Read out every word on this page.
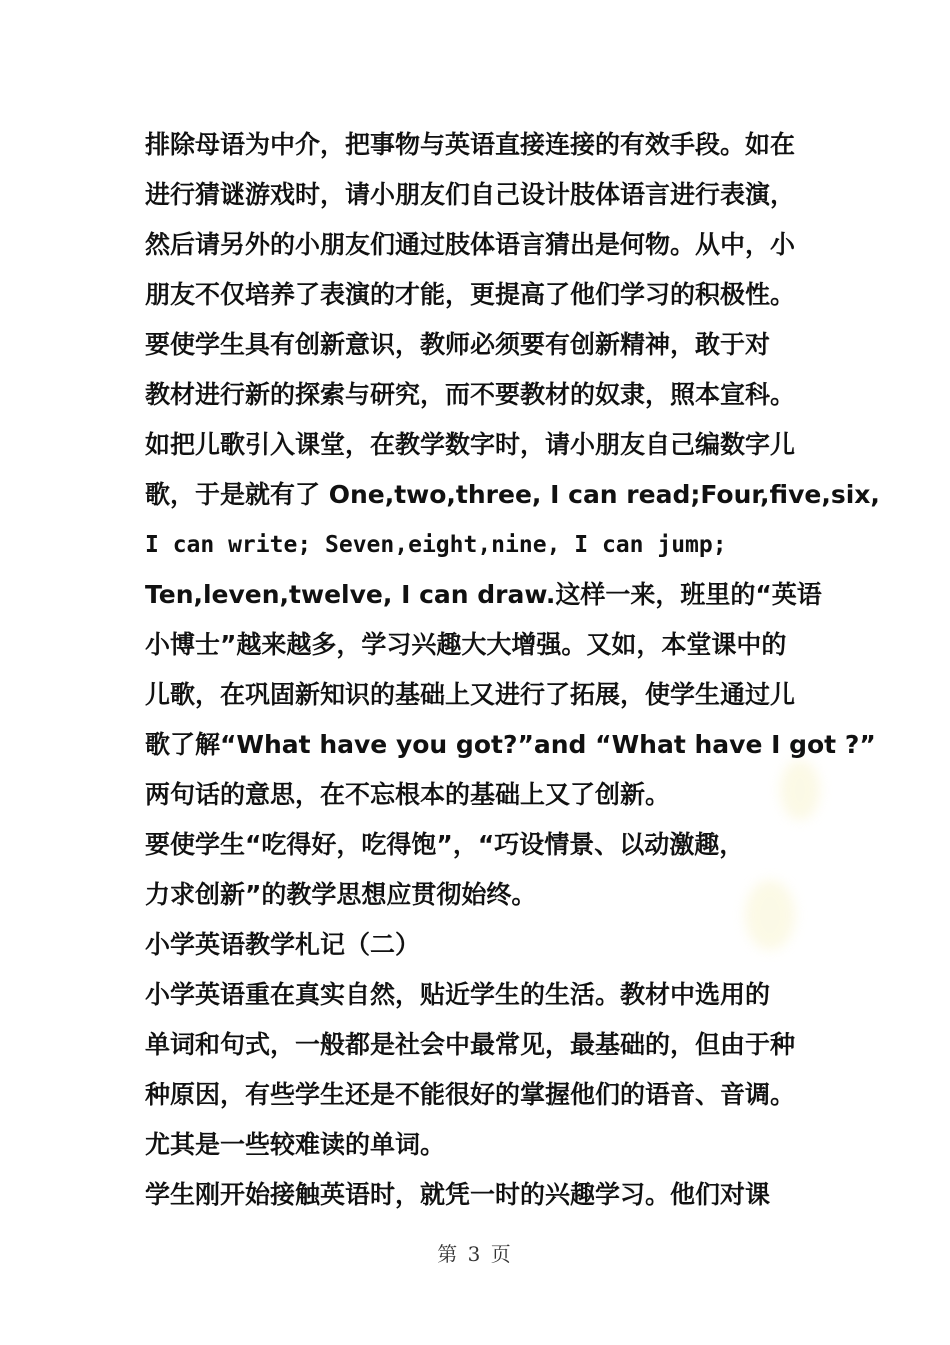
排除母语为中介，把事物与英语直接连接的有效手段。如在
进行猜谜游戏时，请小朋友们自己设计肢体语言进行表演，
然后请另外的小朋友们通过肢体语言猜出是何物。从中，小
朋友不仅培养了表演的才能，更提高了他们学习的积极性。
要使学生具有创新意识，教师必须要有创新精神，敢于对
教材进行新的探索与研究，而不要教材的奴隶，照本宣科。
如把儿歌引入课堂，在教学数字时，请小朋友自己编数字儿
歌，于是就有了 One,two,three, I can read;Four,five,six,
I can write; Seven,eight,nine, I can jump;
Ten,leven,twelve, I can draw.这样一来，班里的“英语
小博士”越来越多，学习兴趣大大增强。又如，本堂课中的
儿歌，在巩固新知识的基础上又进行了拓展，使学生通过儿
歌了解“What have you got?”and “What have I got ?”
两句话的意思，在不忘根本的基础上又了创新。
要使学生“吃得好，吃得饱”，“巧设情景、以动激趣，
力求创新”的教学思想应贯彻始终。
小学英语教学札记（二）
小学英语重在真实自然，贴近学生的生活。教材中选用的
单词和句式，一般都是社会中最常见，最基础的，但由于种
种原因，有些学生还是不能很好的掌握他们的语音、音调。
尤其是一些较难读的单词。
学生刚开始接触英语时，就凭一时的兴趣学习。他们对课
第 3 页
